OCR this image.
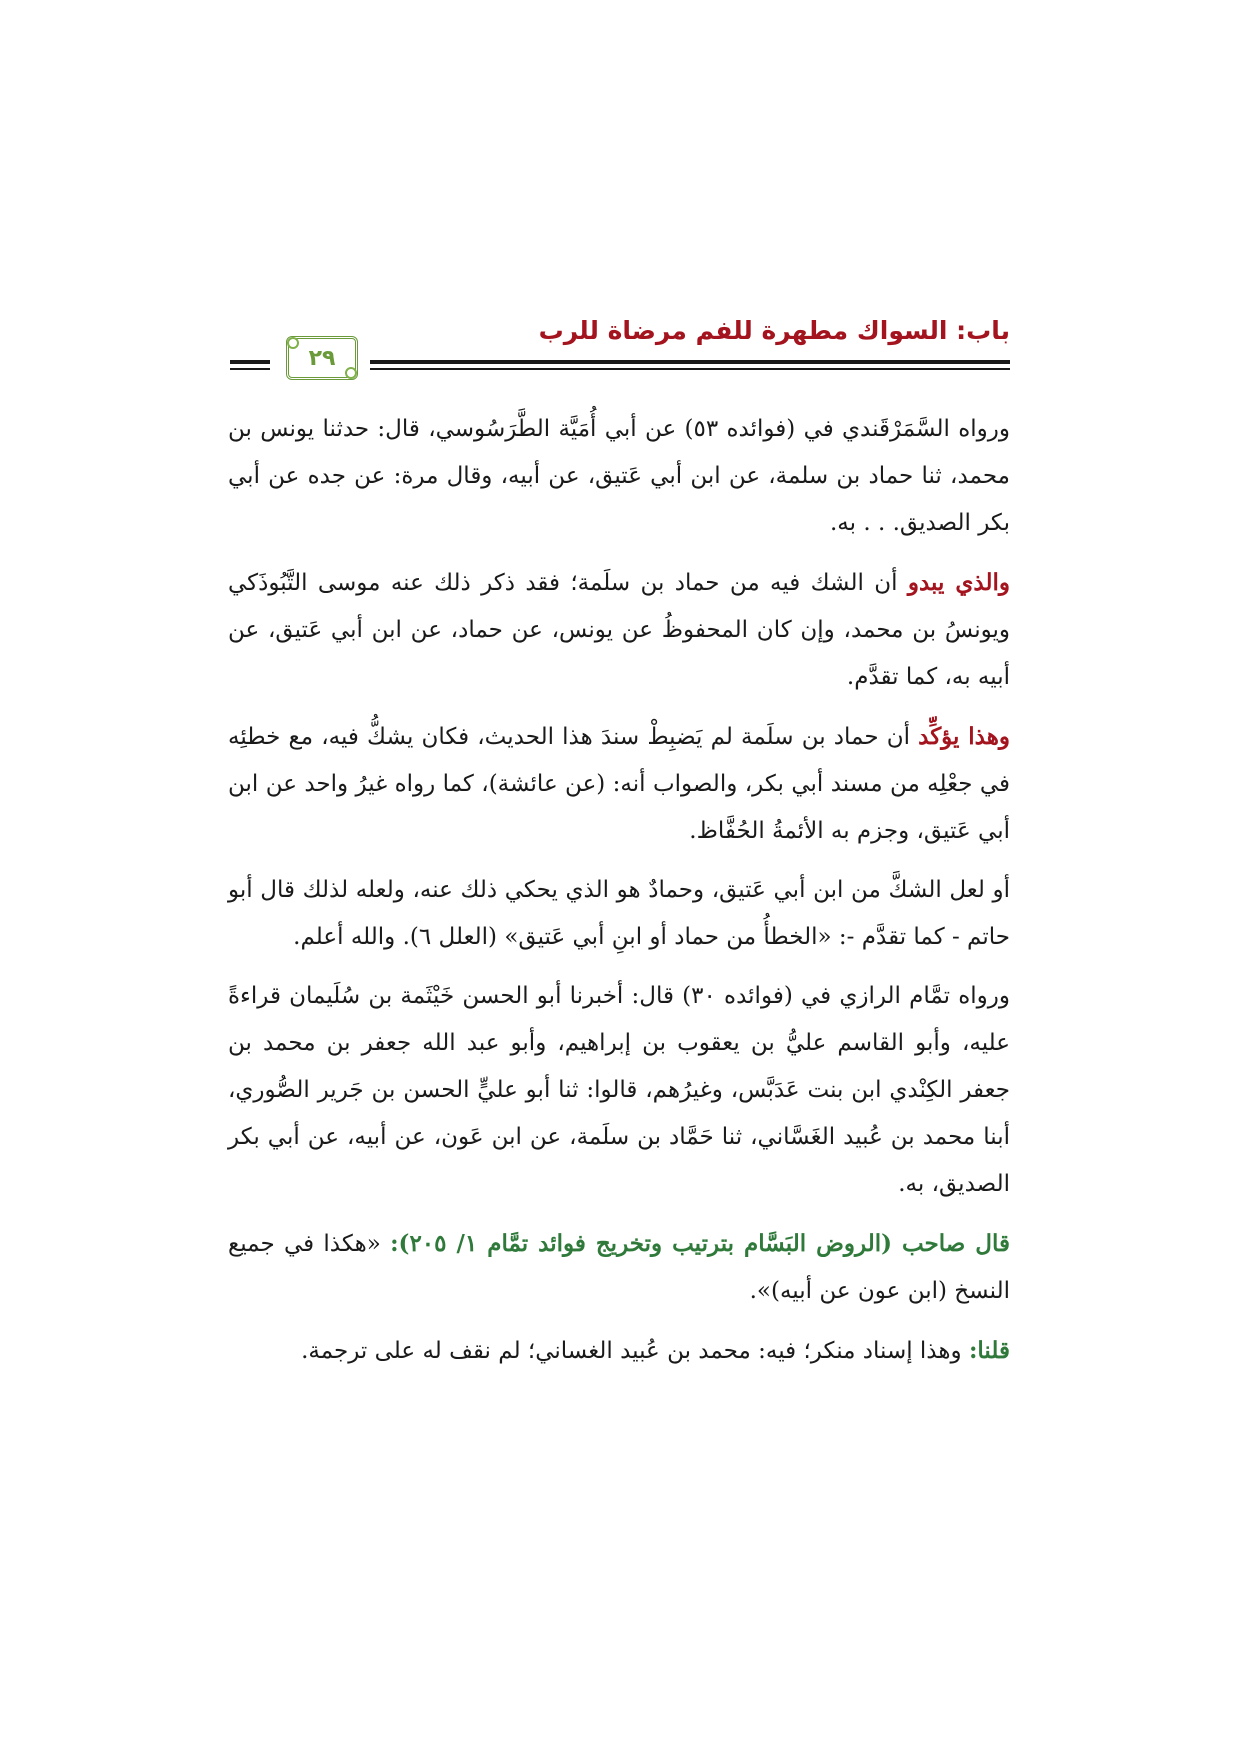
باب: السواك مطهرة للفم مرضاة للرب
٢٩

ورواه السَّمَرْقَندي في (فوائده ٥٣) عن أبي أُمَيَّة الطَّرَسُوسي، قال: حدثنا يونس بن محمد، ثنا حماد بن سلمة، عن ابن أبي عَتيق، عن أبيه، وقال مرة: عن جده عن أبي بكر الصديق. . . به.

والذي يبدو أن الشك فيه من حماد بن سلَمة؛ فقد ذكر ذلك عنه موسى التَّبُوذَكي ويونسُ بن محمد، وإن كان المحفوظُ عن يونس، عن حماد، عن ابن أبي عَتيق، عن أبيه به، كما تقدَّم.

وهذا يؤكِّد أن حماد بن سلَمة لم يَضبِطْ سندَ هذا الحديث، فكان يشكُّ فيه، مع خطئِه في جعْلِه من مسند أبي بكر، والصواب أنه: (عن عائشة)، كما رواه غيرُ واحد عن ابن أبي عَتيق، وجزم به الأئمةُ الحُفَّاظ.

أو لعل الشكَّ من ابن أبي عَتيق، وحمادٌ هو الذي يحكي ذلك عنه، ولعله لذلك قال أبو حاتم - كما تقدَّم -: «الخطأُ من حماد أو ابنِ أبي عَتيق» (العلل ٦). والله أعلم.

ورواه تمَّام الرازي في (فوائده ٣٠) قال: أخبرنا أبو الحسن خَيْثَمة بن سُلَيمان قراءةً عليه، وأبو القاسم عليُّ بن يعقوب بن إبراهيم، وأبو عبد الله جعفر بن محمد بن جعفر الكِنْدي ابن بنت عَدَبَّس، وغيرُهم، قالوا: ثنا أبو عليٍّ الحسن بن جَرير الصُّوري، أبنا محمد بن عُبيد الغَسَّاني، ثنا حَمَّاد بن سلَمة، عن ابن عَون، عن أبيه، عن أبي بكر الصديق، به.

قال صاحب (الروض البَسَّام بترتيب وتخريج فوائد تمَّام ١/ ٢٠٥): «هكذا في جميع النسخ (ابن عون عن أبيه)».

قلنا: وهذا إسناد منكر؛ فيه: محمد بن عُبيد الغساني؛ لم نقف له على ترجمة.
